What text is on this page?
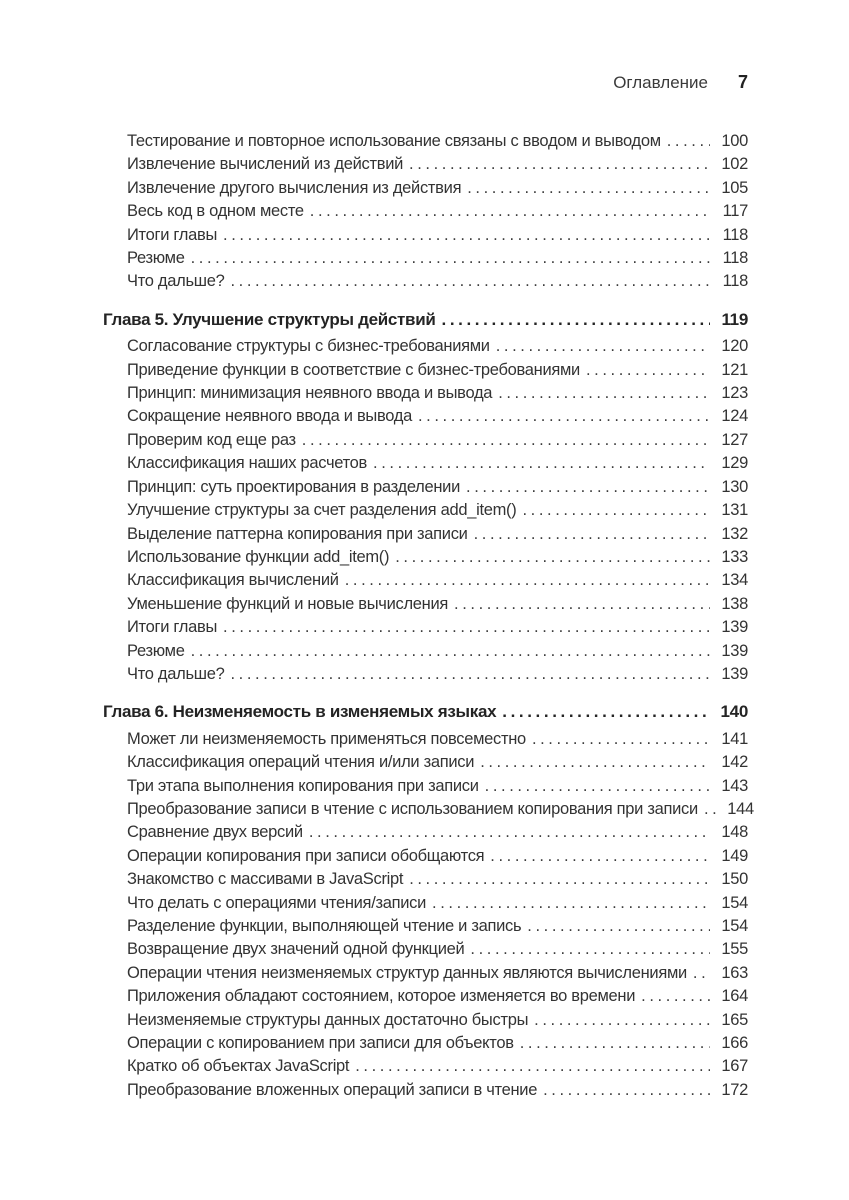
Оглавление 7
Тестирование и повторное использование связаны с вводом и выводом .....	100
Извлечение вычислений из действий .....	102
Извлечение другого вычисления из действия .....	105
Весь код в одном месте .....	117
Итоги главы .....	118
Резюме .....	118
Что дальше? .....	118
Глава 5. Улучшение структуры действий .....	119
Согласование структуры с бизнес-требованиями .....	120
Приведение функции в соответствие с бизнес-требованиями .....	121
Принцип: минимизация неявного ввода и вывода .....	123
Сокращение неявного ввода и вывода .....	124
Проверим код еще раз .....	127
Классификация наших расчетов .....	129
Принцип: суть проектирования в разделении .....	130
Улучшение структуры за счет разделения add_item() .....	131
Выделение паттерна копирования при записи .....	132
Использование функции add_item() .....	133
Классификация вычислений .....	134
Уменьшение функций и новые вычисления .....	138
Итоги главы .....	139
Резюме .....	139
Что дальше? .....	139
Глава 6. Неизменяемость в изменяемых языках .....	140
Может ли неизменяемость применяться повсеместно .....	141
Классификация операций чтения и/или записи .....	142
Три этапа выполнения копирования при записи .....	143
Преобразование записи в чтение с использованием копирования при записи .....	144
Сравнение двух версий .....	148
Операции копирования при записи обобщаются .....	149
Знакомство с массивами в JavaScript .....	150
Что делать с операциями чтения/записи .....	154
Разделение функции, выполняющей чтение и запись .....	154
Возвращение двух значений одной функцией .....	155
Операции чтения неизменяемых структур данных являются вычислениями .....	163
Приложения обладают состоянием, которое изменяется во времени .....	164
Неизменяемые структуры данных достаточно быстры .....	165
Операции с копированием при записи для объектов .....	166
Кратко об объектах JavaScript .....	167
Преобразование вложенных операций записи в чтение .....	172
